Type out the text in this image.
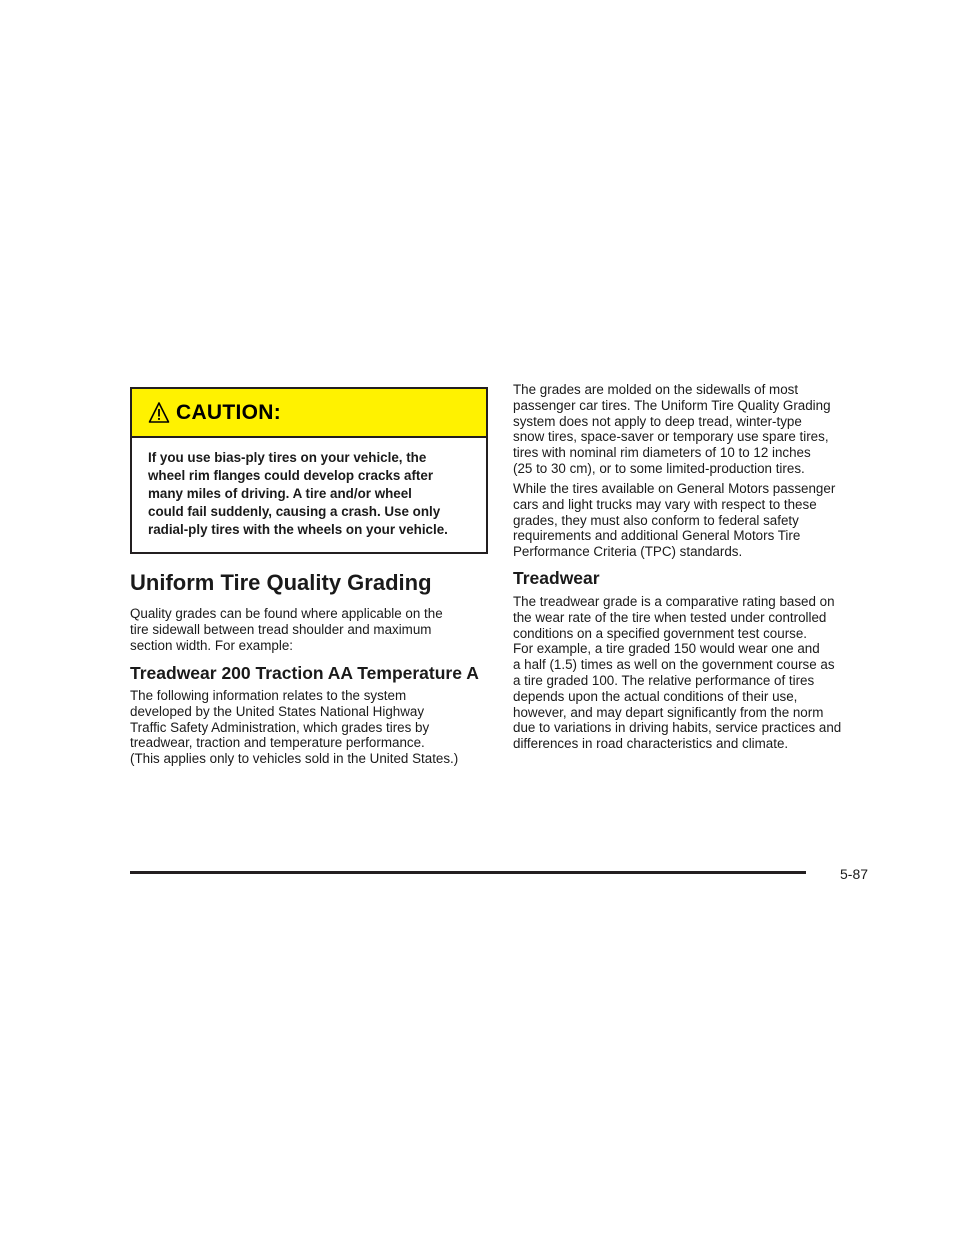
CAUTION:
If you use bias-ply tires on your vehicle, the
wheel rim flanges could develop cracks after
many miles of driving. A tire and/or wheel
could fail suddenly, causing a crash. Use only
radial-ply tires with the wheels on your vehicle.
Uniform Tire Quality Grading

Quality grades can be found where applicable on the
tire sidewall between tread shoulder and maximum
section width. For example:

Treadwear 200 Traction AA Temperature A

The following information relates to the system
developed by the United States National Highway
Traffic Safety Administration, which grades tires by
treadwear, traction and temperature performance.
(This applies only to vehicles sold in the United States.)

The grades are molded on the sidewalls of most
passenger car tires. The Uniform Tire Quality Grading
system does not apply to deep tread, winter-type
snow tires, space-saver or temporary use spare tires,
tires with nominal rim diameters of 10 to 12 inches
(25 to 30 cm), or to some limited-production tires.

While the tires available on General Motors passenger
cars and light trucks may vary with respect to these
grades, they must also conform to federal safety
requirements and additional General Motors Tire
Performance Criteria (TPC) standards.

Treadwear

The treadwear grade is a comparative rating based on
the wear rate of the tire when tested under controlled
conditions on a specified government test course.
For example, a tire graded 150 would wear one and
a half (1.5) times as well on the government course as
a tire graded 100. The relative performance of tires
depends upon the actual conditions of their use,
however, and may depart significantly from the norm
due to variations in driving habits, service practices and
differences in road characteristics and climate.

5-87
